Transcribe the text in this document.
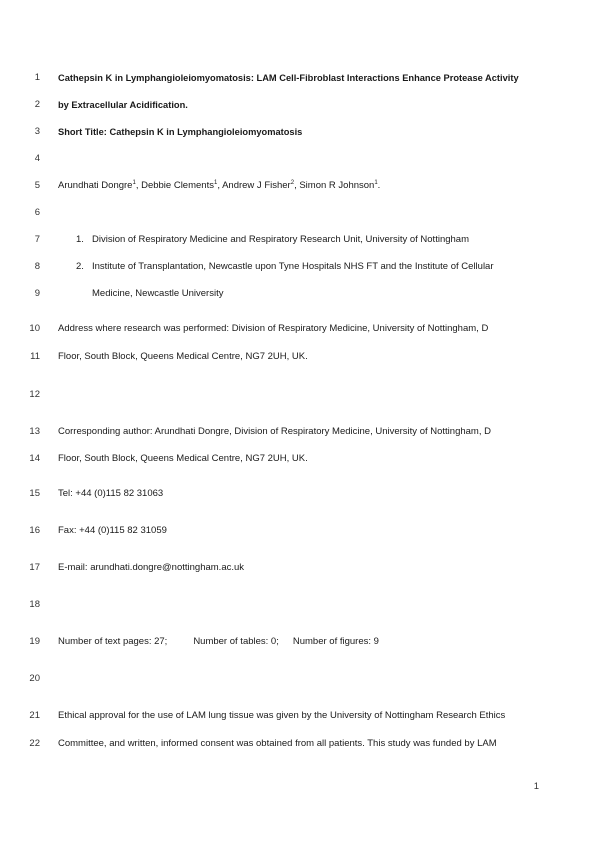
1
2
3
4
5
6
7
8
9
10
11
12
13
14
15
16
17
18
19
20
21
22
Cathepsin K in Lymphangioleiomyomatosis: LAM Cell-Fibroblast Interactions Enhance Protease Activity
by Extracellular Acidification.
Short Title: Cathepsin K in Lymphangioleiomyomatosis
Arundhati Dongre$^1$, Debbie Clements$^1$, Andrew J Fisher$^2$, Simon R Johnson$^1$.
1. Division of Respiratory Medicine and Respiratory Research Unit, University of Nottingham
2. Institute of Transplantation, Newcastle upon Tyne Hospitals NHS FT and the Institute of Cellular
Medicine, Newcastle University
Address where research was performed: Division of Respiratory Medicine, University of Nottingham, D
Floor, South Block, Queens Medical Centre, NG7 2UH, UK.
Corresponding author: Arundhati Dongre, Division of Respiratory Medicine, University of Nottingham, D
Floor, South Block, Queens Medical Centre, NG7 2UH, UK.
Tel: +44 (0)115 82 31063
Fax: +44 (0)115 82 31059
E-mail: arundhati.dongre@nottingham.ac.uk
Number of text pages: 27;	Number of tables: 0; Number of figures: 9
Ethical approval for the use of LAM lung tissue was given by the University of Nottingham Research Ethics
Committee, and written, informed consent was obtained from all patients. This study was funded by LAM
1
